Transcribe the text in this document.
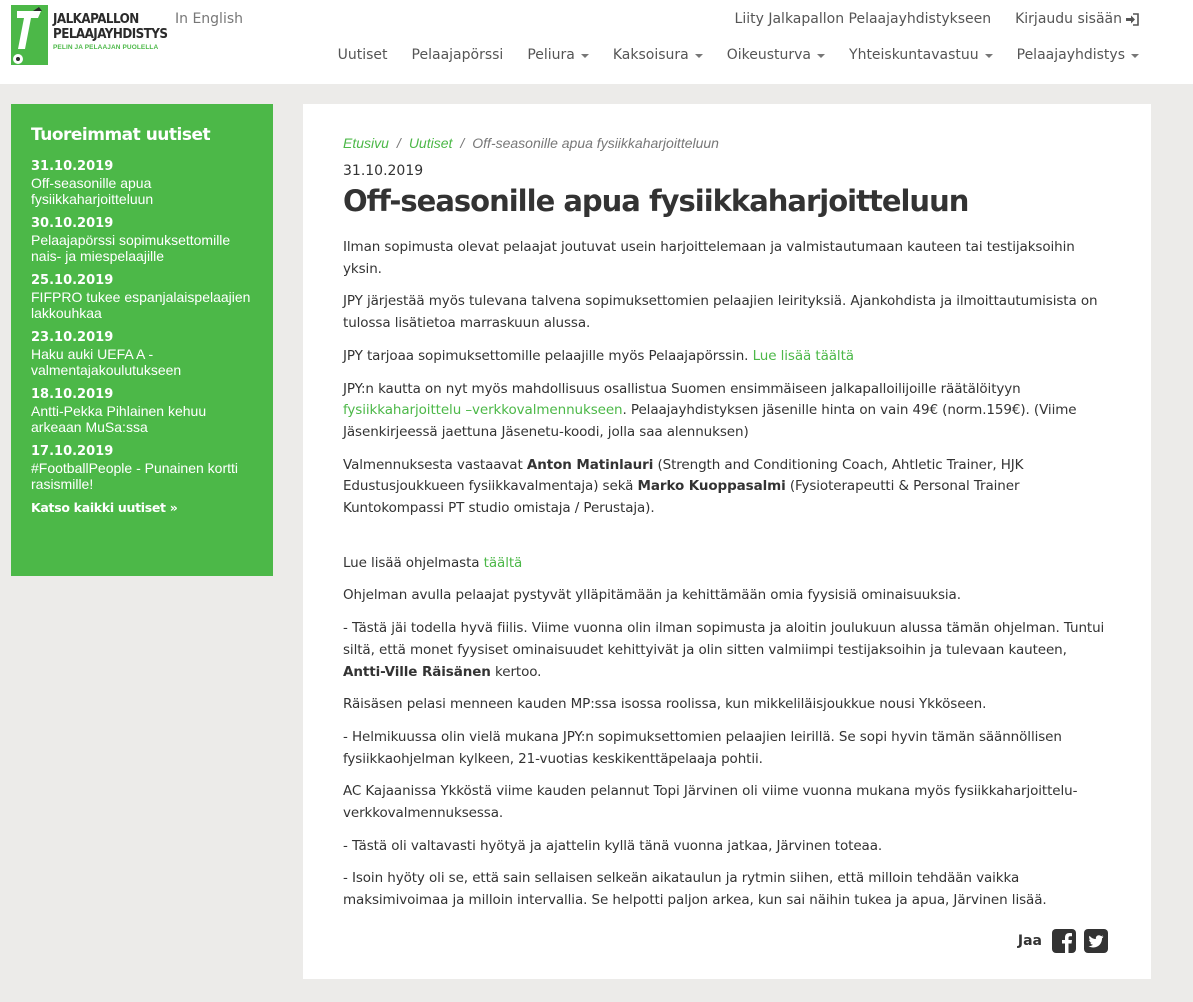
JALKAPALLON
PELAAJAYHDISTYS
PELIN JA PELAAJAN PUOLELLA
In English	Liity Jalkapallon Pelaajayhdistykseen Kirjaudu sisään
Uutiset Pelaajapörssi Peliura	Kaksoisura	Oikeusturva	Yhteiskuntavastuu	Pelaajayhdistys
Tuoreimmat uutiset
31.10.2019
Off-seasonille apua fysiikkaharjoitteluun
30.10.2019
Pelaajapörssi sopimuksettomille nais- ja miespelaajille
25.10.2019
FIFPRO tukee espanjalaispelaajien lakkouhkaa
23.10.2019
Haku auki UEFA A -valmentajakoulutukseen
18.10.2019
Antti-Pekka Pihlainen kehuu arkeaan MuSa:ssa
17.10.2019
#FootballPeople - Punainen kortti rasismille!
Katso kaikki uutiset »
Etusivu / Uutiset / Off-seasonille apua fysiikkaharjoitteluun
31.10.2019
Off-seasonille apua fysiikkaharjoitteluun

Ilman sopimusta olevat pelaajat joutuvat usein harjoittelemaan ja valmistautumaan kauteen tai testijaksoihin yksin.

JPY järjestää myös tulevana talvena sopimuksettomien pelaajien leirityksiä. Ajankohdista ja ilmoittautumisista on tulossa lisätietoa marraskuun alussa.

JPY tarjoaa sopimuksettomille pelaajille myös Pelaajapörssin. Lue lisää täältä

JPY:n kautta on nyt myös mahdollisuus osallistua Suomen ensimmäiseen jalkapalloilijoille räätälöityyn fysiikkaharjoittelu –verkkovalmennukseen. Pelaajayhdistyksen jäsenille hinta on vain 49€ (norm.159€). (Viime Jäsenkirjeessä jaettuna Jäsenetu-koodi, jolla saa alennuksen)

Valmennuksesta vastaavat Anton Matinlauri (Strength and Conditioning Coach, Ahtletic Trainer, HJK Edustusjoukkueen fysiikkavalmentaja) sekä Marko Kuoppasalmi (Fysioterapeutti & Personal Trainer Kuntokompassi PT studio omistaja / Perustaja).

Lue lisää ohjelmasta täältä

Ohjelman avulla pelaajat pystyvät ylläpitämään ja kehittämään omia fyysisiä ominaisuuksia.

- Tästä jäi todella hyvä fiilis. Viime vuonna olin ilman sopimusta ja aloitin joulukuun alussa tämän ohjelman. Tuntui siltä, että monet fyysiset ominaisuudet kehittyivät ja olin sitten valmiimpi testijaksoihin ja tulevaan kauteen, Antti-Ville Räisänen kertoo.

Räisäsen pelasi menneen kauden MP:ssa isossa roolissa, kun mikkeliläisjoukkue nousi Ykköseen.

- Helmikuussa olin vielä mukana JPY:n sopimuksettomien pelaajien leirillä. Se sopi hyvin tämän säännöllisen fysiikkaohjelman kylkeen, 21-vuotias keskikenttäpelaaja pohtii.

AC Kajaanissa Ykköstä viime kauden pelannut Topi Järvinen oli viime vuonna mukana myös fysiikkaharjoittelu-verkkovalmennuksessa.

- Tästä oli valtavasti hyötyä ja ajattelin kyllä tänä vuonna jatkaa, Järvinen toteaa.

- Isoin hyöty oli se, että sain sellaisen selkeän aikataulun ja rytmin siihen, että milloin tehdään vaikka maksimivoimaa ja milloin intervallia. Se helpotti paljon arkea, kun sai näihin tukea ja apua, Järvinen lisää.

Jaa
